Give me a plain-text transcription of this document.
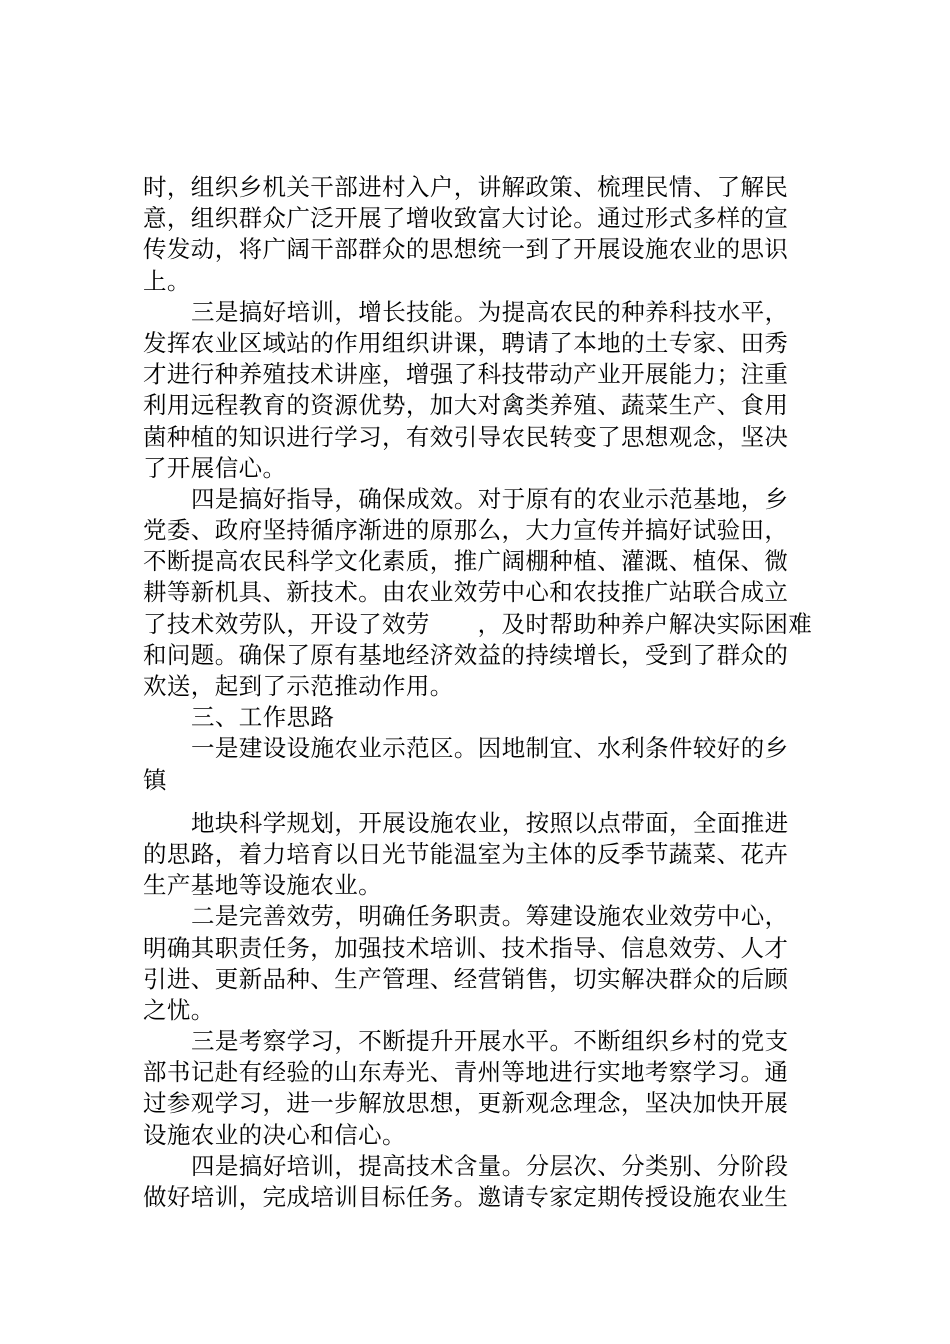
时，组织乡机关干部进村入户，讲解政策、梳理民情、了解民
意，组织群众广泛开展了增收致富大讨论。通过形式多样的宣
传发动，将广阔干部群众的思想统一到了开展设施农业的思识
上。
三是搞好培训，增长技能。为提高农民的种养科技水平，
发挥农业区域站的作用组织讲课，聘请了本地的土专家、田秀
才进行种养殖技术讲座，增强了科技带动产业开展能力；注重
利用远程教育的资源优势，加大对禽类养殖、蔬菜生产、食用
菌种植的知识进行学习，有效引导农民转变了思想观念，坚决
了开展信心。
四是搞好指导，确保成效。对于原有的农业示范基地，乡
党委、政府坚持循序渐进的原那么，大力宣传并搞好试验田，
不断提高农民科学文化素质，推广阔棚种植、灌溉、植保、微
耕等新机具、新技术。由农业效劳中心和农技推广站联合成立
了技术效劳队，开设了效劳　　，及时帮助种养户解决实际困难
和问题。确保了原有基地经济效益的持续增长，受到了群众的
欢送，起到了示范推动作用。
三、工作思路
一是建设设施农业示范区。因地制宜、水利条件较好的乡
镇
地块科学规划，开展设施农业，按照以点带面，全面推进
的思路，着力培育以日光节能温室为主体的反季节蔬菜、花卉
生产基地等设施农业。
二是完善效劳，明确任务职责。筹建设施农业效劳中心，
明确其职责任务，加强技术培训、技术指导、信息效劳、人才
引进、更新品种、生产管理、经营销售，切实解决群众的后顾
之忧。
三是考察学习，不断提升开展水平。不断组织乡村的党支
部书记赴有经验的山东寿光、青州等地进行实地考察学习。通
过参观学习，进一步解放思想，更新观念理念，坚决加快开展
设施农业的决心和信心。
四是搞好培训，提高技术含量。分层次、分类别、分阶段
做好培训，完成培训目标任务。邀请专家定期传授设施农业生
